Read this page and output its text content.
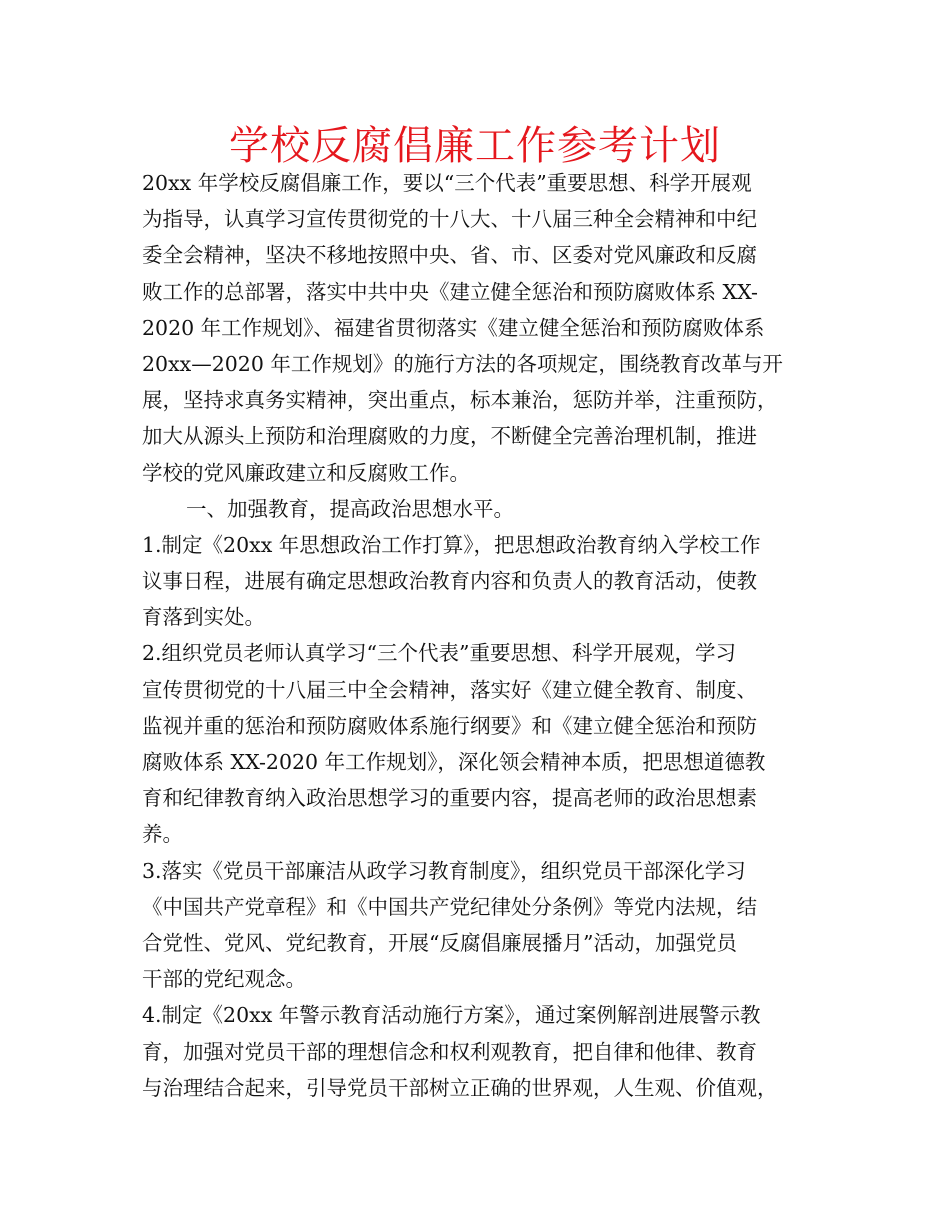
学校反腐倡廉工作参考计划
20xx 年学校反腐倡廉工作，要以“三个代表”重要思想、科学开展观
为指导，认真学习宣传贯彻党的十八大、十八届三种全会精神和中纪
委全会精神，坚决不移地按照中央、省、市、区委对党风廉政和反腐
败工作的总部署，落实中共中央《建立健全惩治和预防腐败体系 XX-
2020 年工作规划》、福建省贯彻落实《建立健全惩治和预防腐败体系
20xx—2020 年工作规划》的施行方法的各项规定，围绕教育改革与开
展，坚持求真务实精神，突出重点，标本兼治，惩防并举，注重预防，
加大从源头上预防和治理腐败的力度，不断健全完善治理机制，推进
学校的党风廉政建立和反腐败工作。
一、加强教育，提高政治思想水平。
1.制定《20xx 年思想政治工作打算》，把思想政治教育纳入学校工作
议事日程，进展有确定思想政治教育内容和负责人的教育活动，使教
育落到实处。
2.组织党员老师认真学习“三个代表”重要思想、科学开展观，学习
宣传贯彻党的十八届三中全会精神，落实好《建立健全教育、制度、
监视并重的惩治和预防腐败体系施行纲要》和《建立健全惩治和预防
腐败体系 XX-2020 年工作规划》，深化领会精神本质，把思想道德教
育和纪律教育纳入政治思想学习的重要内容，提高老师的政治思想素
养。
3.落实《党员干部廉洁从政学习教育制度》，组织党员干部深化学习
《中国共产党章程》和《中国共产党纪律处分条例》等党内法规，结
合党性、党风、党纪教育，开展“反腐倡廉展播月”活动，加强党员
干部的党纪观念。
4.制定《20xx 年警示教育活动施行方案》，通过案例解剖进展警示教
育，加强对党员干部的理想信念和权利观教育，把自律和他律、教育
与治理结合起来，引导党员干部树立正确的世界观，人生观、价值观，
